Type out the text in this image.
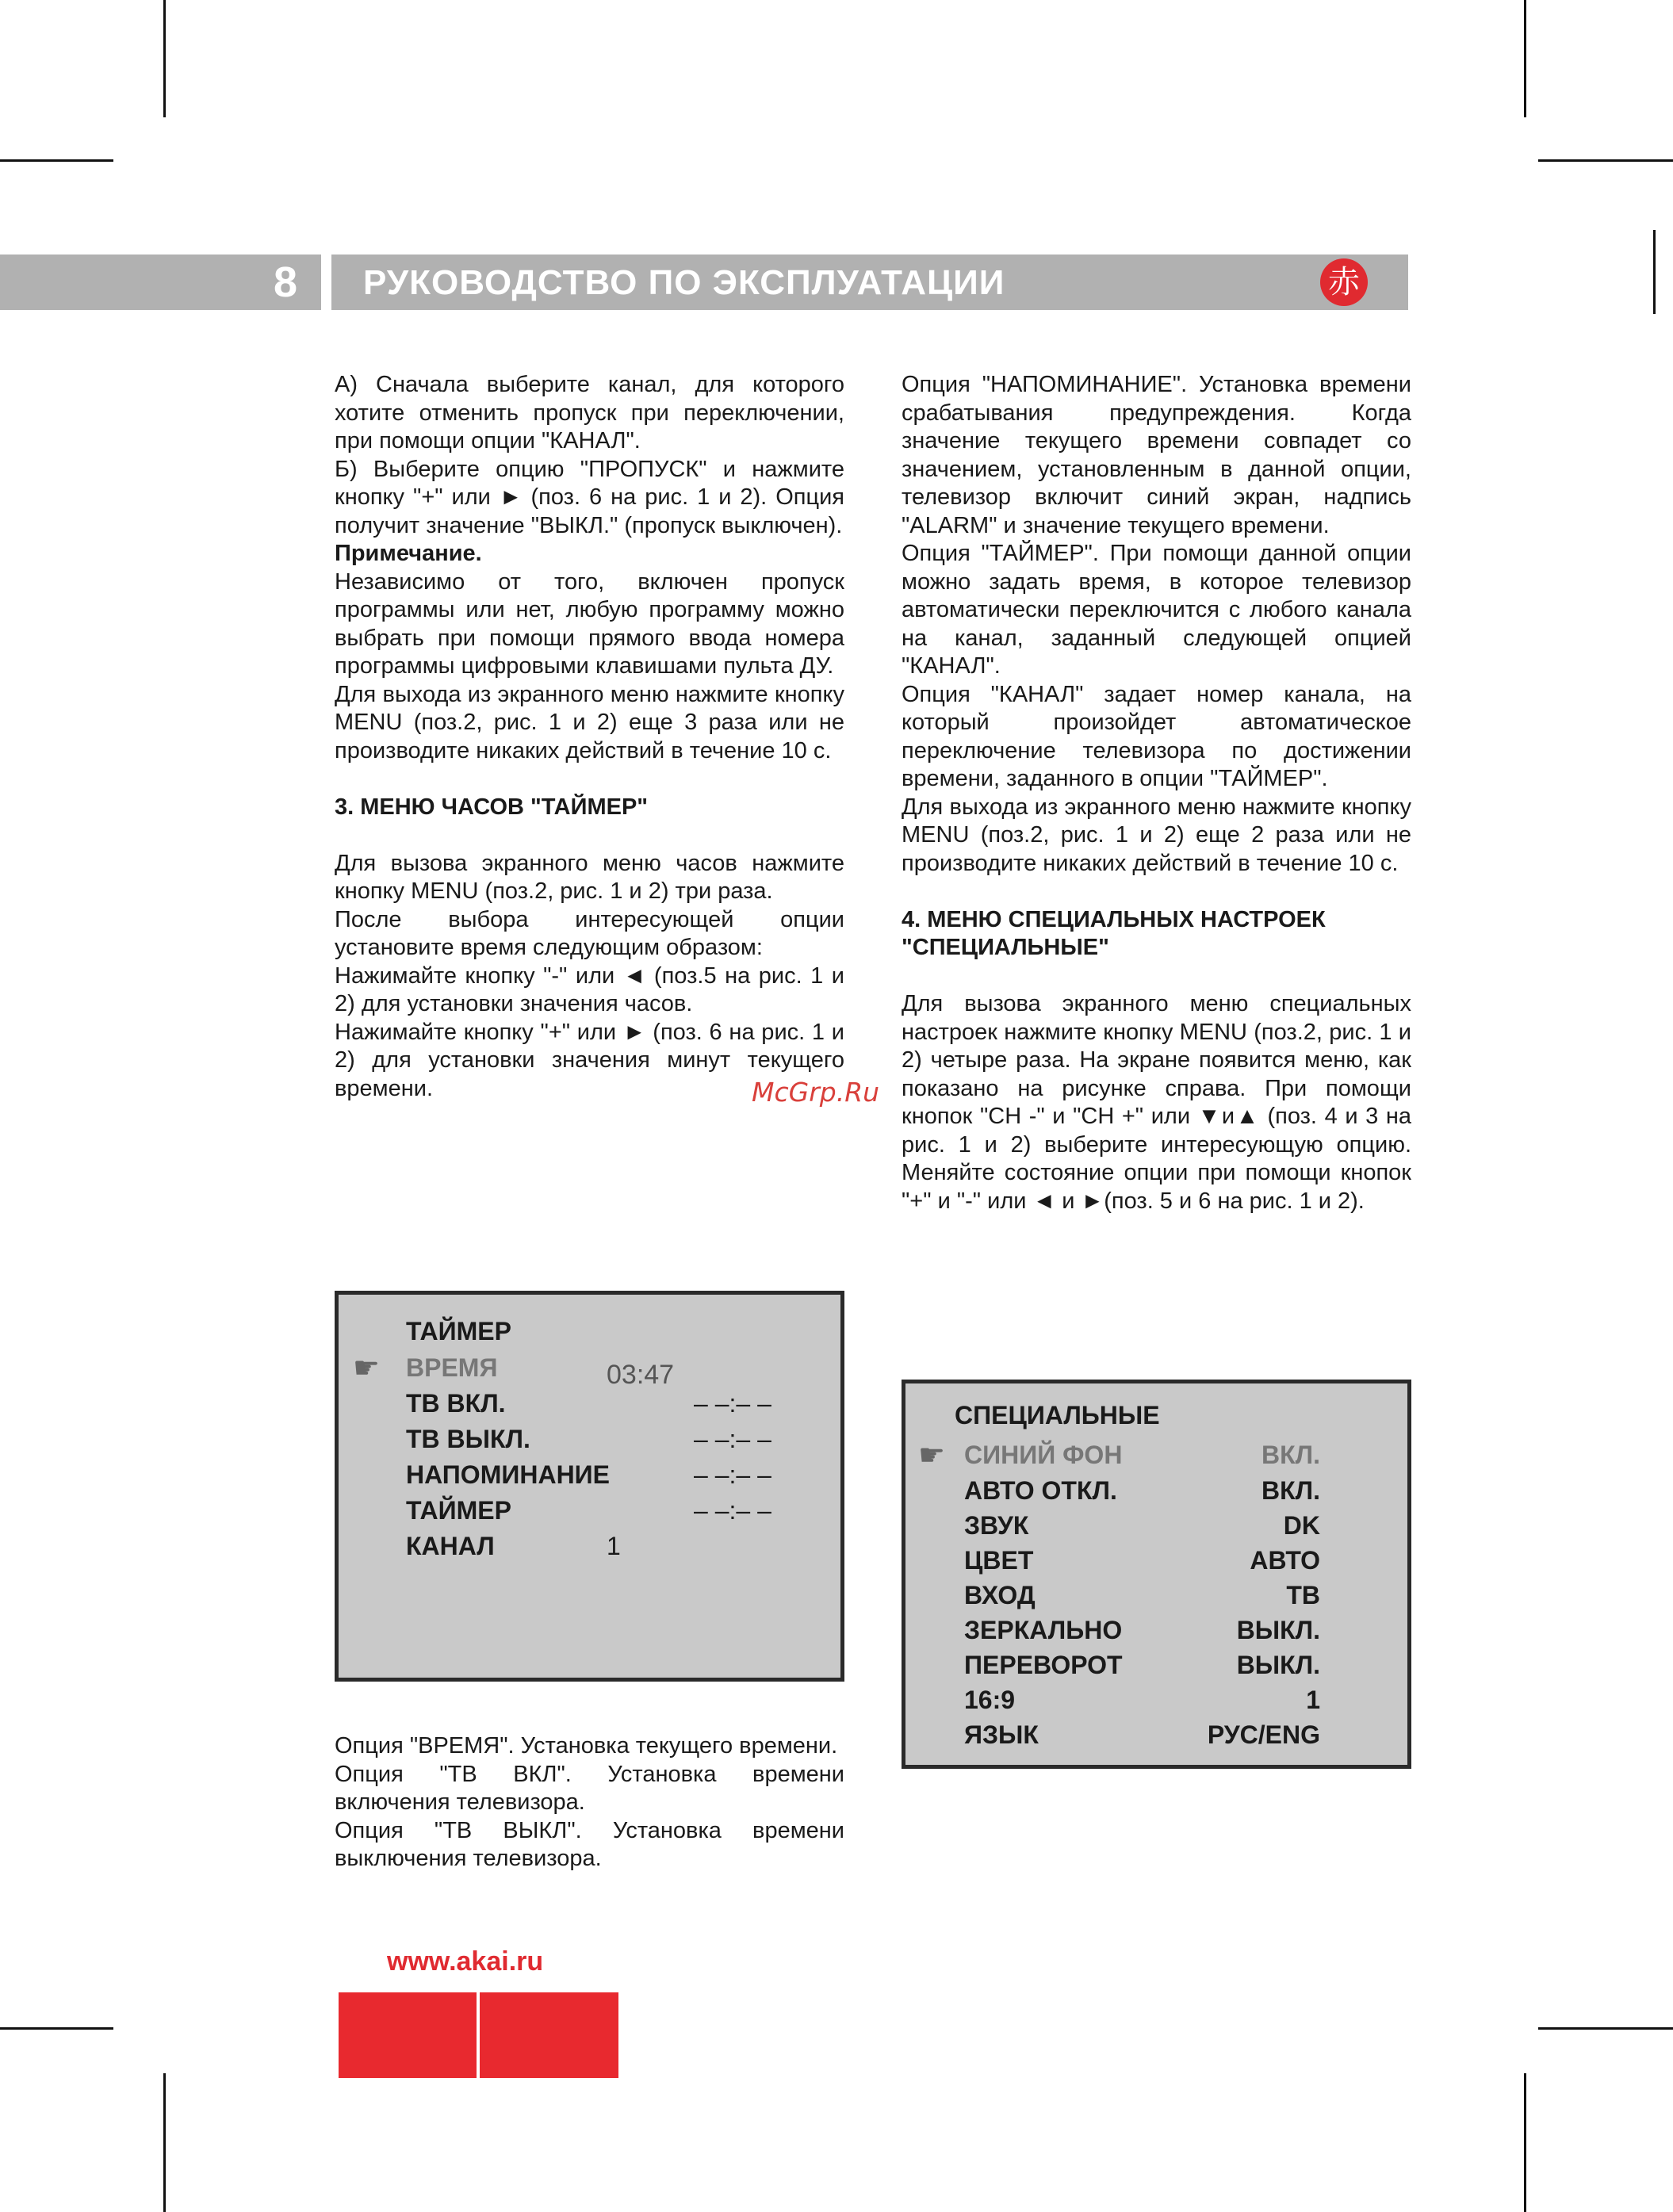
8	РУКОВОДСТВО ПО ЭКСПЛУАТАЦИИ	赤

А) Сначала выберите канал, для которого хотите отменить пропуск при переключении, при помощи опции "КАНАЛ".

Б) Выберите опцию "ПРОПУСК" и нажмите кнопку "+" или ► (поз. 6 на рис. 1 и 2). Опция получит значение "ВЫКЛ." (пропуск выключен).

Примечание.

Независимо от того, включен пропуск программы или нет, любую программу можно выбрать при помощи прямого ввода номера программы цифровыми клавишами пульта ДУ.

Для выхода из экранного меню нажмите кнопку MENU (поз.2, рис. 1 и 2) еще 3 раза или не производите никаких действий в течение 10 с.

3. МЕНЮ ЧАСОВ "ТАЙМЕР"

Для вызова экранного меню часов нажмите кнопку MENU (поз.2, рис. 1 и 2) три раза.

После выбора интересующей опции установите время следующим образом:

Нажимайте кнопку "-" или ◄ (поз.5 на рис. 1 и 2) для установки значения часов.

Нажимайте кнопку "+" или ► (поз. 6 на рис. 1 и 2) для установки значения минут текущего времени.

Опция "ВРЕМЯ". Установка текущего времени.

Опция "ТВ ВКЛ". Установка времени включения телевизора.

Опция "ТВ ВЫКЛ". Установка времени выключения телевизора.

Опция "НАПОМИНАНИЕ". Установка времени срабатывания предупреждения. Когда значение текущего времени совпадет со значением, установленным в данной опции, телевизор включит синий экран, надпись "ALARM" и значение текущего времени.

Опция "ТАЙМЕР". При помощи данной опции можно задать время, в которое телевизор автоматически переключится с любого канала на канал, заданный следующей опцией "КАНАЛ".

Опция "КАНАЛ" задает номер канала, на который произойдет автоматическое переключение телевизора по достижении времени, заданного в опции "ТАЙМЕР".

Для выхода из экранного меню нажмите кнопку MENU (поз.2, рис. 1 и 2) еще 2 раза или не производите никаких действий в течение 10 с.

4. МЕНЮ СПЕЦИАЛЬНЫХ НАСТРОЕК "СПЕЦИАЛЬНЫЕ"

Для вызова экранного меню специальных настроек нажмите кнопку MENU (поз.2, рис. 1 и 2) четыре раза. На экране появится меню, как показано на рисунке справа. При помощи кнопок "CH -" и "CH +" или ▼и▲ (поз. 4 и 3 на рис. 1 и 2) выберите интересующую опцию. Меняйте состояние опции при помощи кнопок "+" и "-" или ◄ и ►(поз. 5 и 6 на рис. 1 и 2).

McGrp.Ru
ТАЙМЕР
☛ ВРЕМЯ	03:47
ТВ ВКЛ.	– –:– –
ТВ ВЫКЛ.	– –:– –
НАПОМИНАНИЕ	– –:– –
ТАЙМЕР	– –:– –
КАНАЛ	1
СПЕЦИАЛЬНЫЕ
☛ СИНИЙ ФОН	ВКЛ.
АВТО ОТКЛ.	ВКЛ.
ЗВУК	DK
ЦВЕТ	АВТО
ВХОД	ТВ
ЗЕРКАЛЬНО	ВЫКЛ.
ПЕРЕВОРОТ	ВЫКЛ.
16:9	1
ЯЗЫК	РУС/ENG
www.akai.ru
